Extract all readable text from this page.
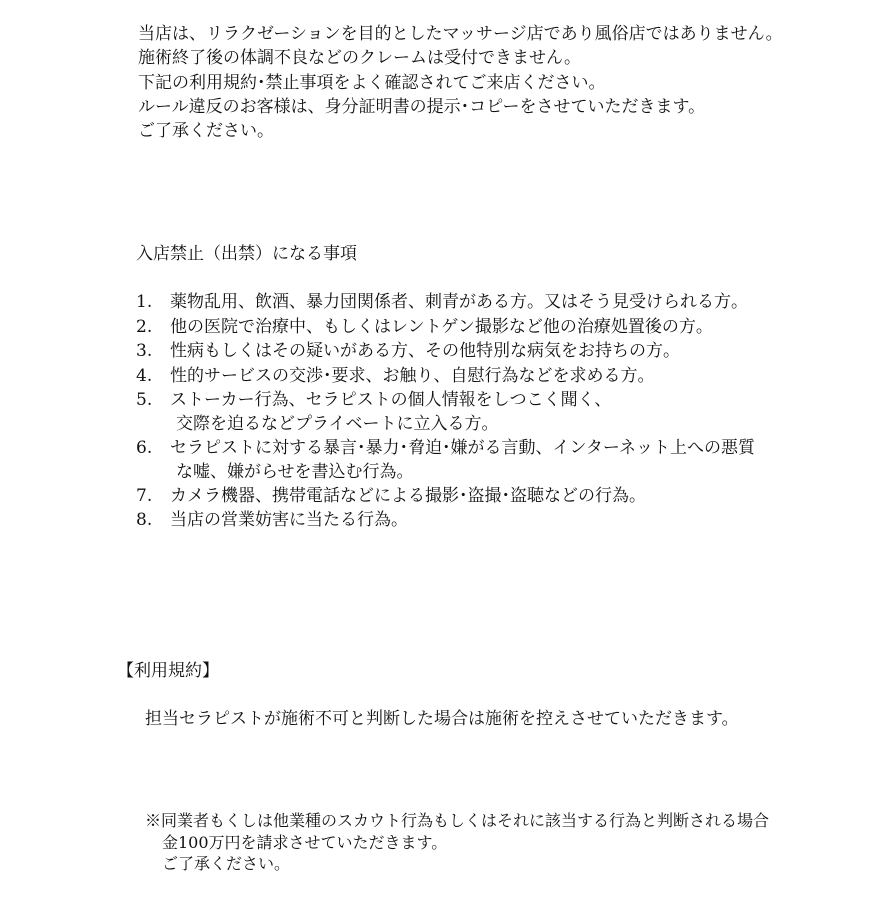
当店は、リラクゼーションを目的としたマッサージ店であり風俗店ではありません。
施術終了後の体調不良などのクレームは受付できません。
下記の利用規約･禁止事項をよく確認されてご来店ください。
ルール違反のお客様は、身分証明書の提示･コピーをさせていただきます。
ご了承ください。
入店禁止（出禁）になる事項
1. 薬物乱用、飲酒、暴力団関係者、刺青がある方。又はそう見受けられる方。
2. 他の医院で治療中、もしくはレントゲン撮影など他の治療処置後の方。
3. 性病もしくはその疑いがある方、その他特別な病気をお持ちの方。
4. 性的サービスの交渉･要求、お触り、自慰行為などを求める方。
5. ストーカー行為、セラピストの個人情報をしつこく聞く、
交際を迫るなどプライベートに立入る方。
6. セラピストに対する暴言･暴力･脅迫･嫌がる言動、インターネット上への悪質
な嘘、嫌がらせを書込む行為。
7. カメラ機器、携帯電話などによる撮影･盗撮･盗聴などの行為。
8. 当店の営業妨害に当たる行為。
【利用規約】
担当セラピストが施術不可と判断した場合は施術を控えさせていただきます。
※同業者もくしは他業種のスカウト行為もしくはそれに該当する行為と判断される場合
金100万円を請求させていただきます。
ご了承ください。
